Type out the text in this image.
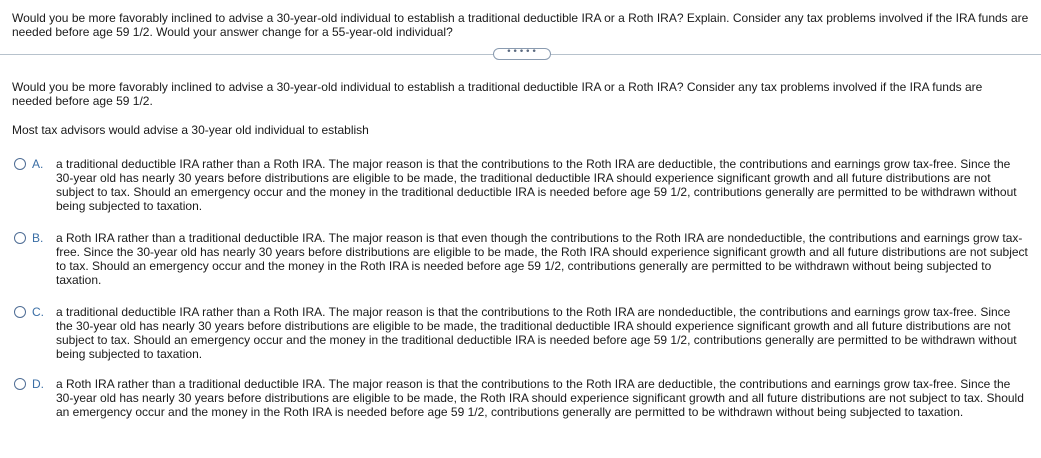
Would you be more favorably inclined to advise a 30-year-old individual to establish a traditional deductible IRA or a Roth IRA? Explain. Consider any tax problems involved if the IRA funds are needed before age 59 1/2. Would your answer change for a 55-year-old individual?
•••••
Would you be more favorably inclined to advise a 30-year-old individual to establish a traditional deductible IRA or a Roth IRA? Consider any tax problems involved if the IRA funds are needed before age 59 1/2.
Most tax advisors would advise a 30-year old individual to establish
A.	a traditional deductible IRA rather than a Roth IRA. The major reason is that the contributions to the Roth IRA are deductible, the contributions and earnings grow tax-free. Since the 30-year old has nearly 30 years before distributions are eligible to be made, the traditional deductible IRA should experience significant growth and all future distributions are not subject to tax. Should an emergency occur and the money in the traditional deductible IRA is needed before age 59 1/2, contributions generally are permitted to be withdrawn without being subjected to taxation.
B.	a Roth IRA rather than a traditional deductible IRA. The major reason is that even though the contributions to the Roth IRA are nondeductible, the contributions and earnings grow tax-free. Since the 30-year old has nearly 30 years before distributions are eligible to be made, the Roth IRA should experience significant growth and all future distributions are not subject to tax. Should an emergency occur and the money in the Roth IRA is needed before age 59 1/2, contributions generally are permitted to be withdrawn without being subjected to taxation.
C.	a traditional deductible IRA rather than a Roth IRA. The major reason is that the contributions to the Roth IRA are nondeductible, the contributions and earnings grow tax-free. Since the 30-year old has nearly 30 years before distributions are eligible to be made, the traditional deductible IRA should experience significant growth and all future distributions are not subject to tax. Should an emergency occur and the money in the traditional deductible IRA is needed before age 59 1/2, contributions generally are permitted to be withdrawn without being subjected to taxation.
D.	a Roth IRA rather than a traditional deductible IRA. The major reason is that the contributions to the Roth IRA are deductible, the contributions and earnings grow tax-free. Since the 30-year old has nearly 30 years before distributions are eligible to be made, the Roth IRA should experience significant growth and all future distributions are not subject to tax. Should an emergency occur and the money in the Roth IRA is needed before age 59 1/2, contributions generally are permitted to be withdrawn without being subjected to taxation.
